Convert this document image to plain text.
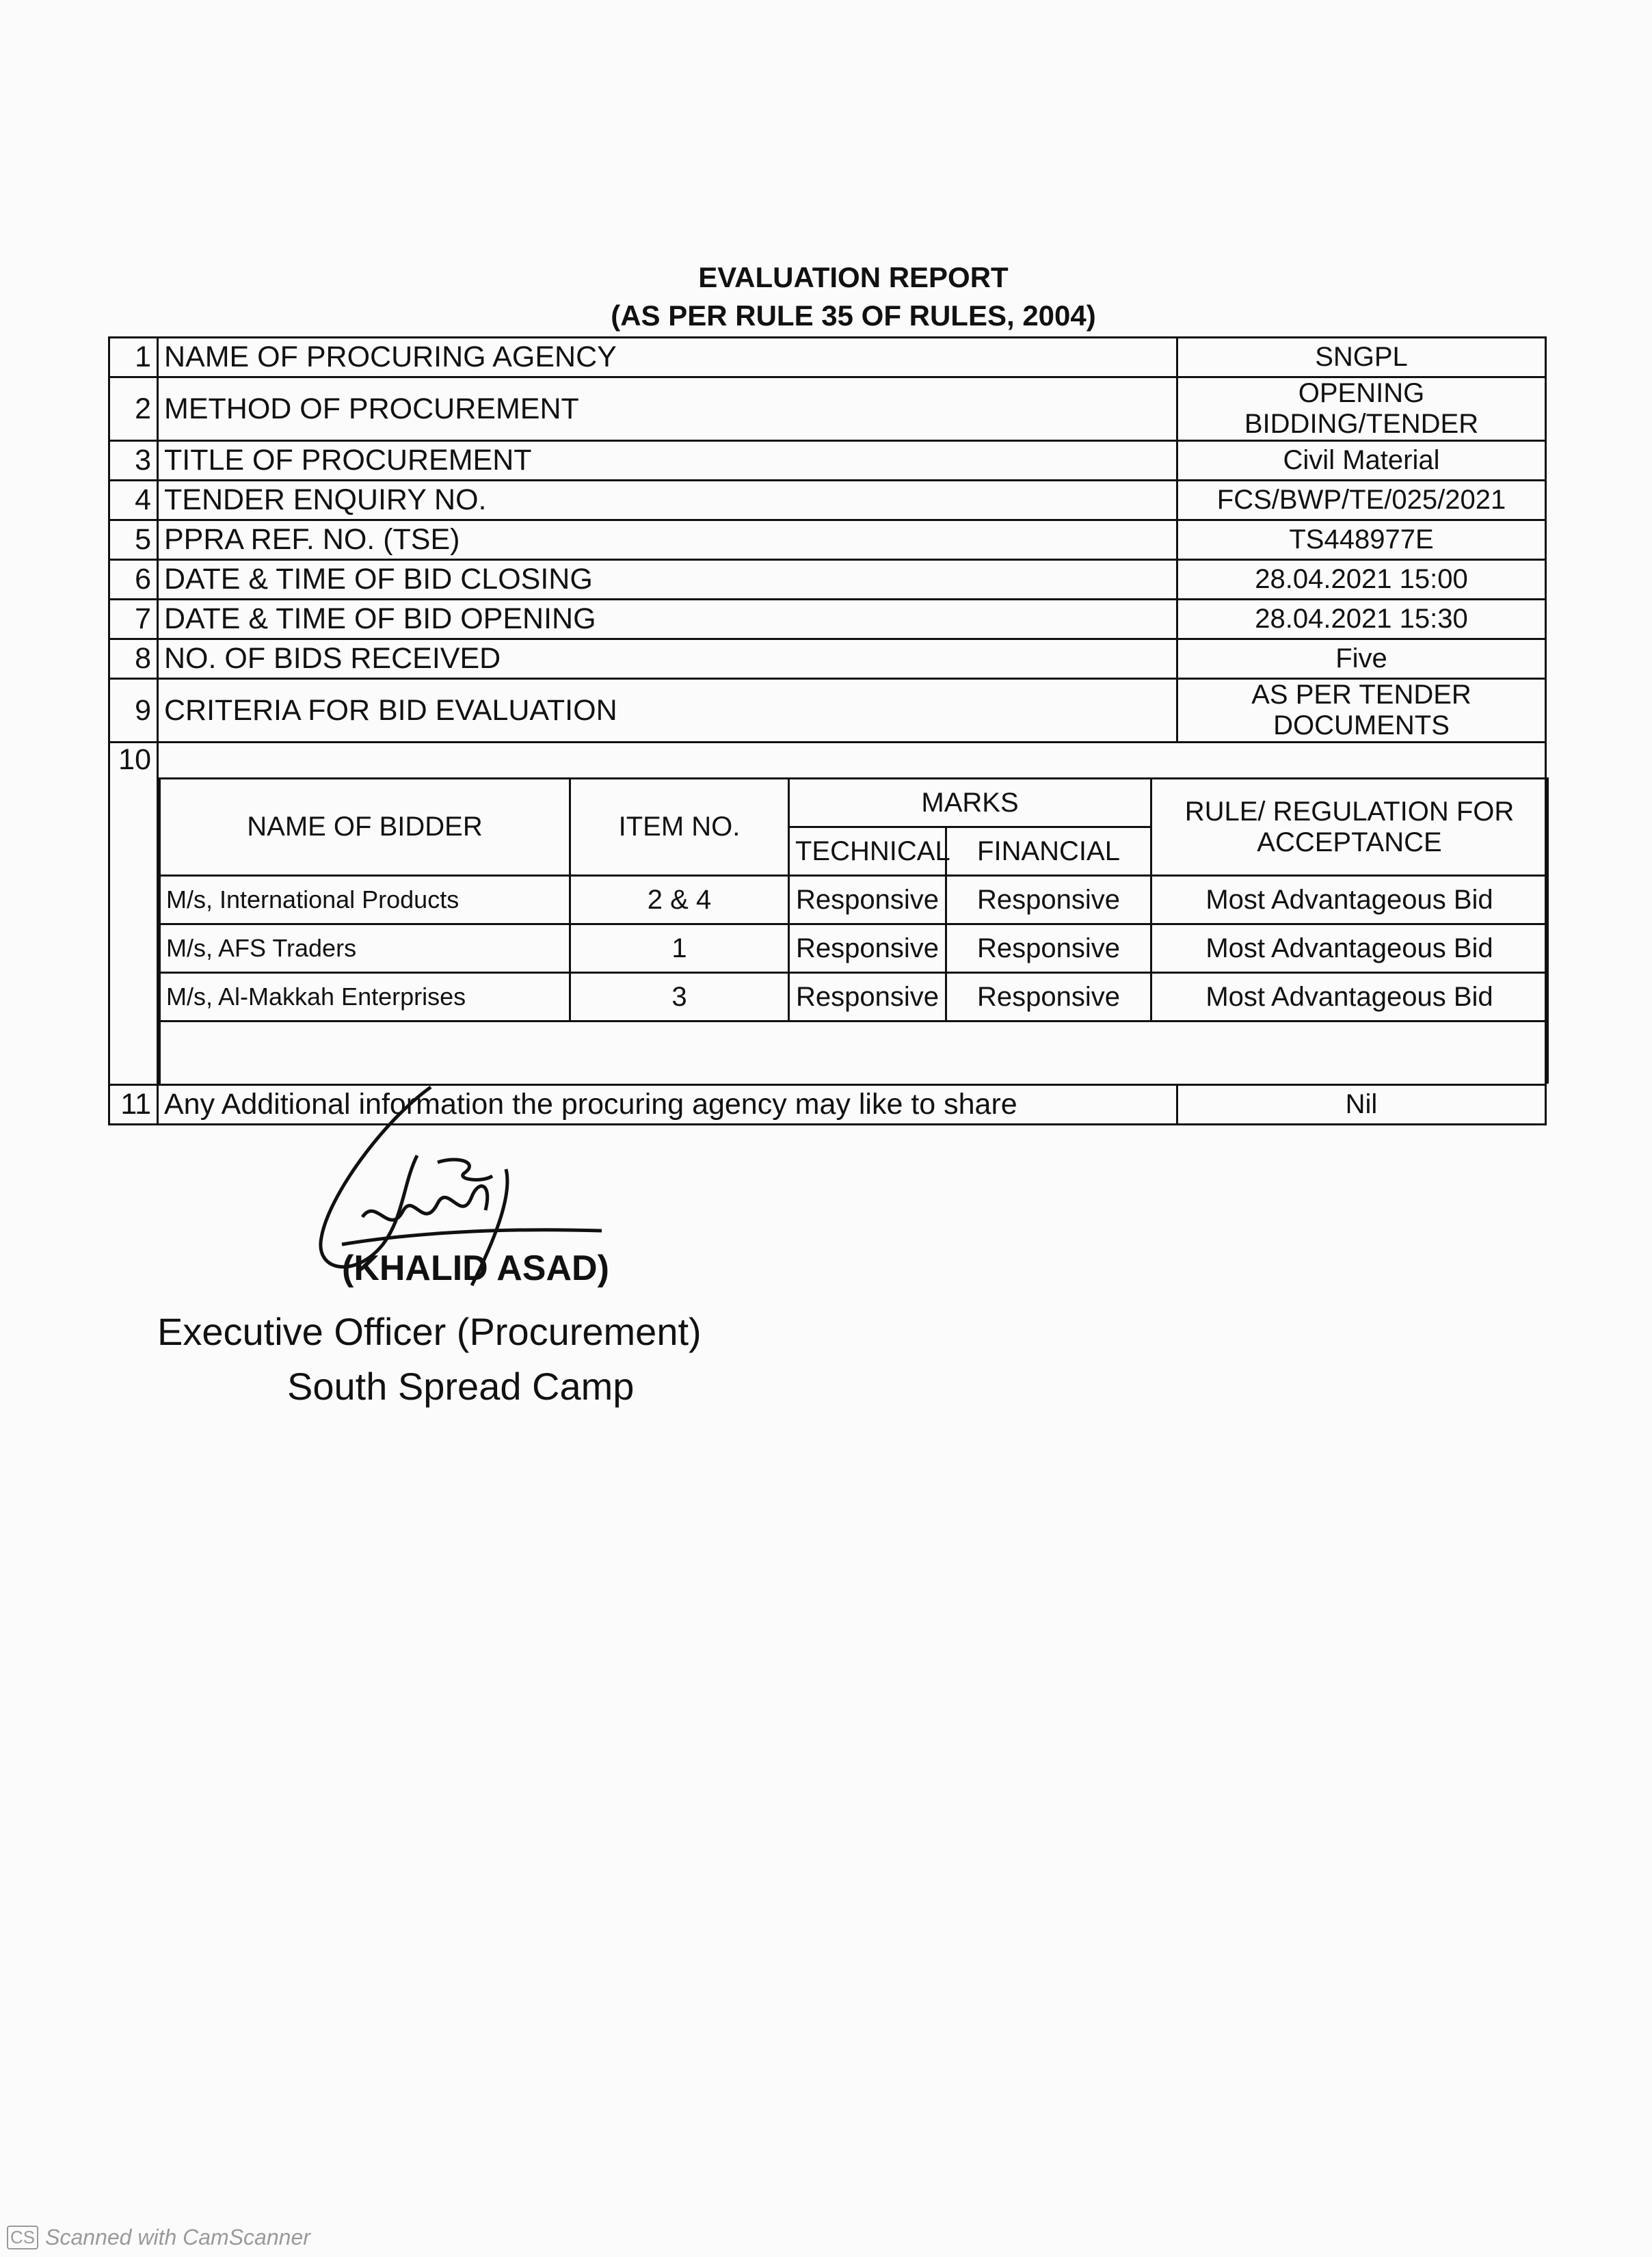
EVALUATION REPORT
(AS PER RULE 35 OF RULES, 2004)
1	NAME OF PROCURING AGENCY	SNGPL
2	METHOD OF PROCUREMENT	OPENING BIDDING/TENDER
3	TITLE OF PROCUREMENT	Civil Material
4	TENDER ENQUIRY NO.	FCS/BWP/TE/025/2021
5	PPRA REF. NO. (TSE)	TS448977E
6	DATE & TIME OF BID CLOSING	28.04.2021 15:00
7	DATE & TIME OF BID OPENING	28.04.2021 15:30
8	NO. OF BIDS RECEIVED	Five
9	CRITERIA FOR BID EVALUATION	AS PER TENDER DOCUMENTS
10	
NAME OF BIDDER	ITEM NO.	MARKS	RULE/ REGULATION FOR ACCEPTANCE
TECHNICAL	FINANCIAL
M/s, International Products	2 & 4	Responsive	Responsive	Most Advantageous Bid
M/s, AFS Traders	1	Responsive	Responsive	Most Advantageous Bid
M/s, Al-Makkah Enterprises	3	Responsive	Responsive	Most Advantageous Bid

11	Any Additional information the procuring agency may like to share	Nil
(KHALID ASAD)
Executive Officer (Procurement)
South Spread Camp
CS Scanned with CamScanner
